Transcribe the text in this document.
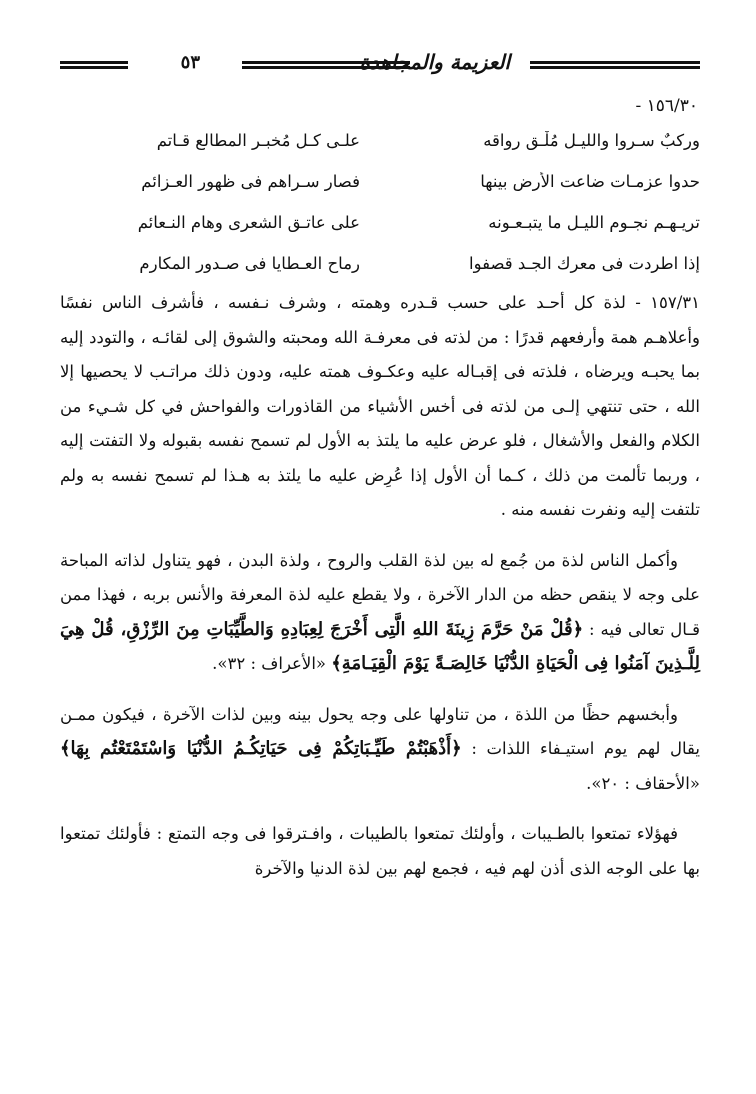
العزيمة والمجاهدة
٥٣
١٥٦/٣٠ -
وركبٌ سـروا والليـل مُلْـقٍ رواقه
علـى كـل مُخبـرِ المطالع قـاتمِ
حدوا عزمـات ضاعت الأرض بينها
فصار سـراهم فى ظهور العـزائم
تريـهـم نجـوم الليـل ما يتبـعـونه
على عاتـق الشعرى وهام النـعائم
إذا اطردت فى معرك الجـد قصفوا
رماح العـطايا فى صـدور المكارم

١٥٧/٣١ - لذة كل أحـد على حسب قـدره وهمته ، وشرف نـفسه ، فأشرف الناس نفسًا وأعلاهـم همة وأرفعهم قدرًا : من لذته فى معرفـة الله ومحبته والشوق إلى لقائـه ، والتودد إليه بما يحبـه ويرضاه ، فلذته فى إقبـاله عليه وعكـوف همته عليه، ودون ذلك مراتـب لا يحصيها إلا الله ، حتى تنتهي إلـى من لذته فى أخس الأشياء من القاذورات والفواحش في كل شـيء من الكلام والفعل والأشغال ، فلو عرض عليه ما يلتذ به الأول لم تسمح نفسه بقبوله ولا التفتت إليه ، وربما تألمت من ذلك ، كـما أن الأول إذا عُرِض عليه ما يلتذ به هـذا لم تسمح نفسه به ولم تلتفت إليه ونفرت نفسه منه .

وأكمل الناس لذة من جُمع له بين لذة القلب والروح ، ولذة البدن ، فهو يتناول لذاته المباحة على وجه لا ينقص حظه من الدار الآخرة ، ولا يقطع عليه لذة المعرفة والأنس بربه ، فهذا ممن قـال تعالى فيه : ﴿قُلْ مَنْ حَرَّمَ زِينَةَ اللهِ الَّتِى أَخْرَجَ لِعِبَادِهِ وَالطَّيِّبَاتِ مِنَ الرِّزْقِ، قُلْ هِيَ لِلَّـذِينَ آمَنُوا فِى الْحَيَاةِ الدُّنْيَا خَالِصَـةً يَوْمَ الْقِيَـامَةِ﴾ «الأعراف : ٣٢».

وأبخسهم حظًا من اللذة ، من تناولها على وجه يحول بينه وبين لذات الآخرة ، فيكون ممـن يقال لهم يوم استيـفاء اللذات : ﴿أَذْهَبْتُمْ طَيِّـبَاتِكُمْ فِى حَيَاتِكُـمُ الدُّنْيَا وَاسْتَمْتَعْتُم بِهَا﴾ «الأحقاف : ٢٠».

فهؤلاء تمتعوا بالطـيبات ، وأولئك تمتعوا بالطيبات ، وافـترقوا فى وجه التمتع : فأولئك تمتعوا بها على الوجه الذى أذن لهم فيه ، فجمع لهم بين لذة الدنيا والآخرة
